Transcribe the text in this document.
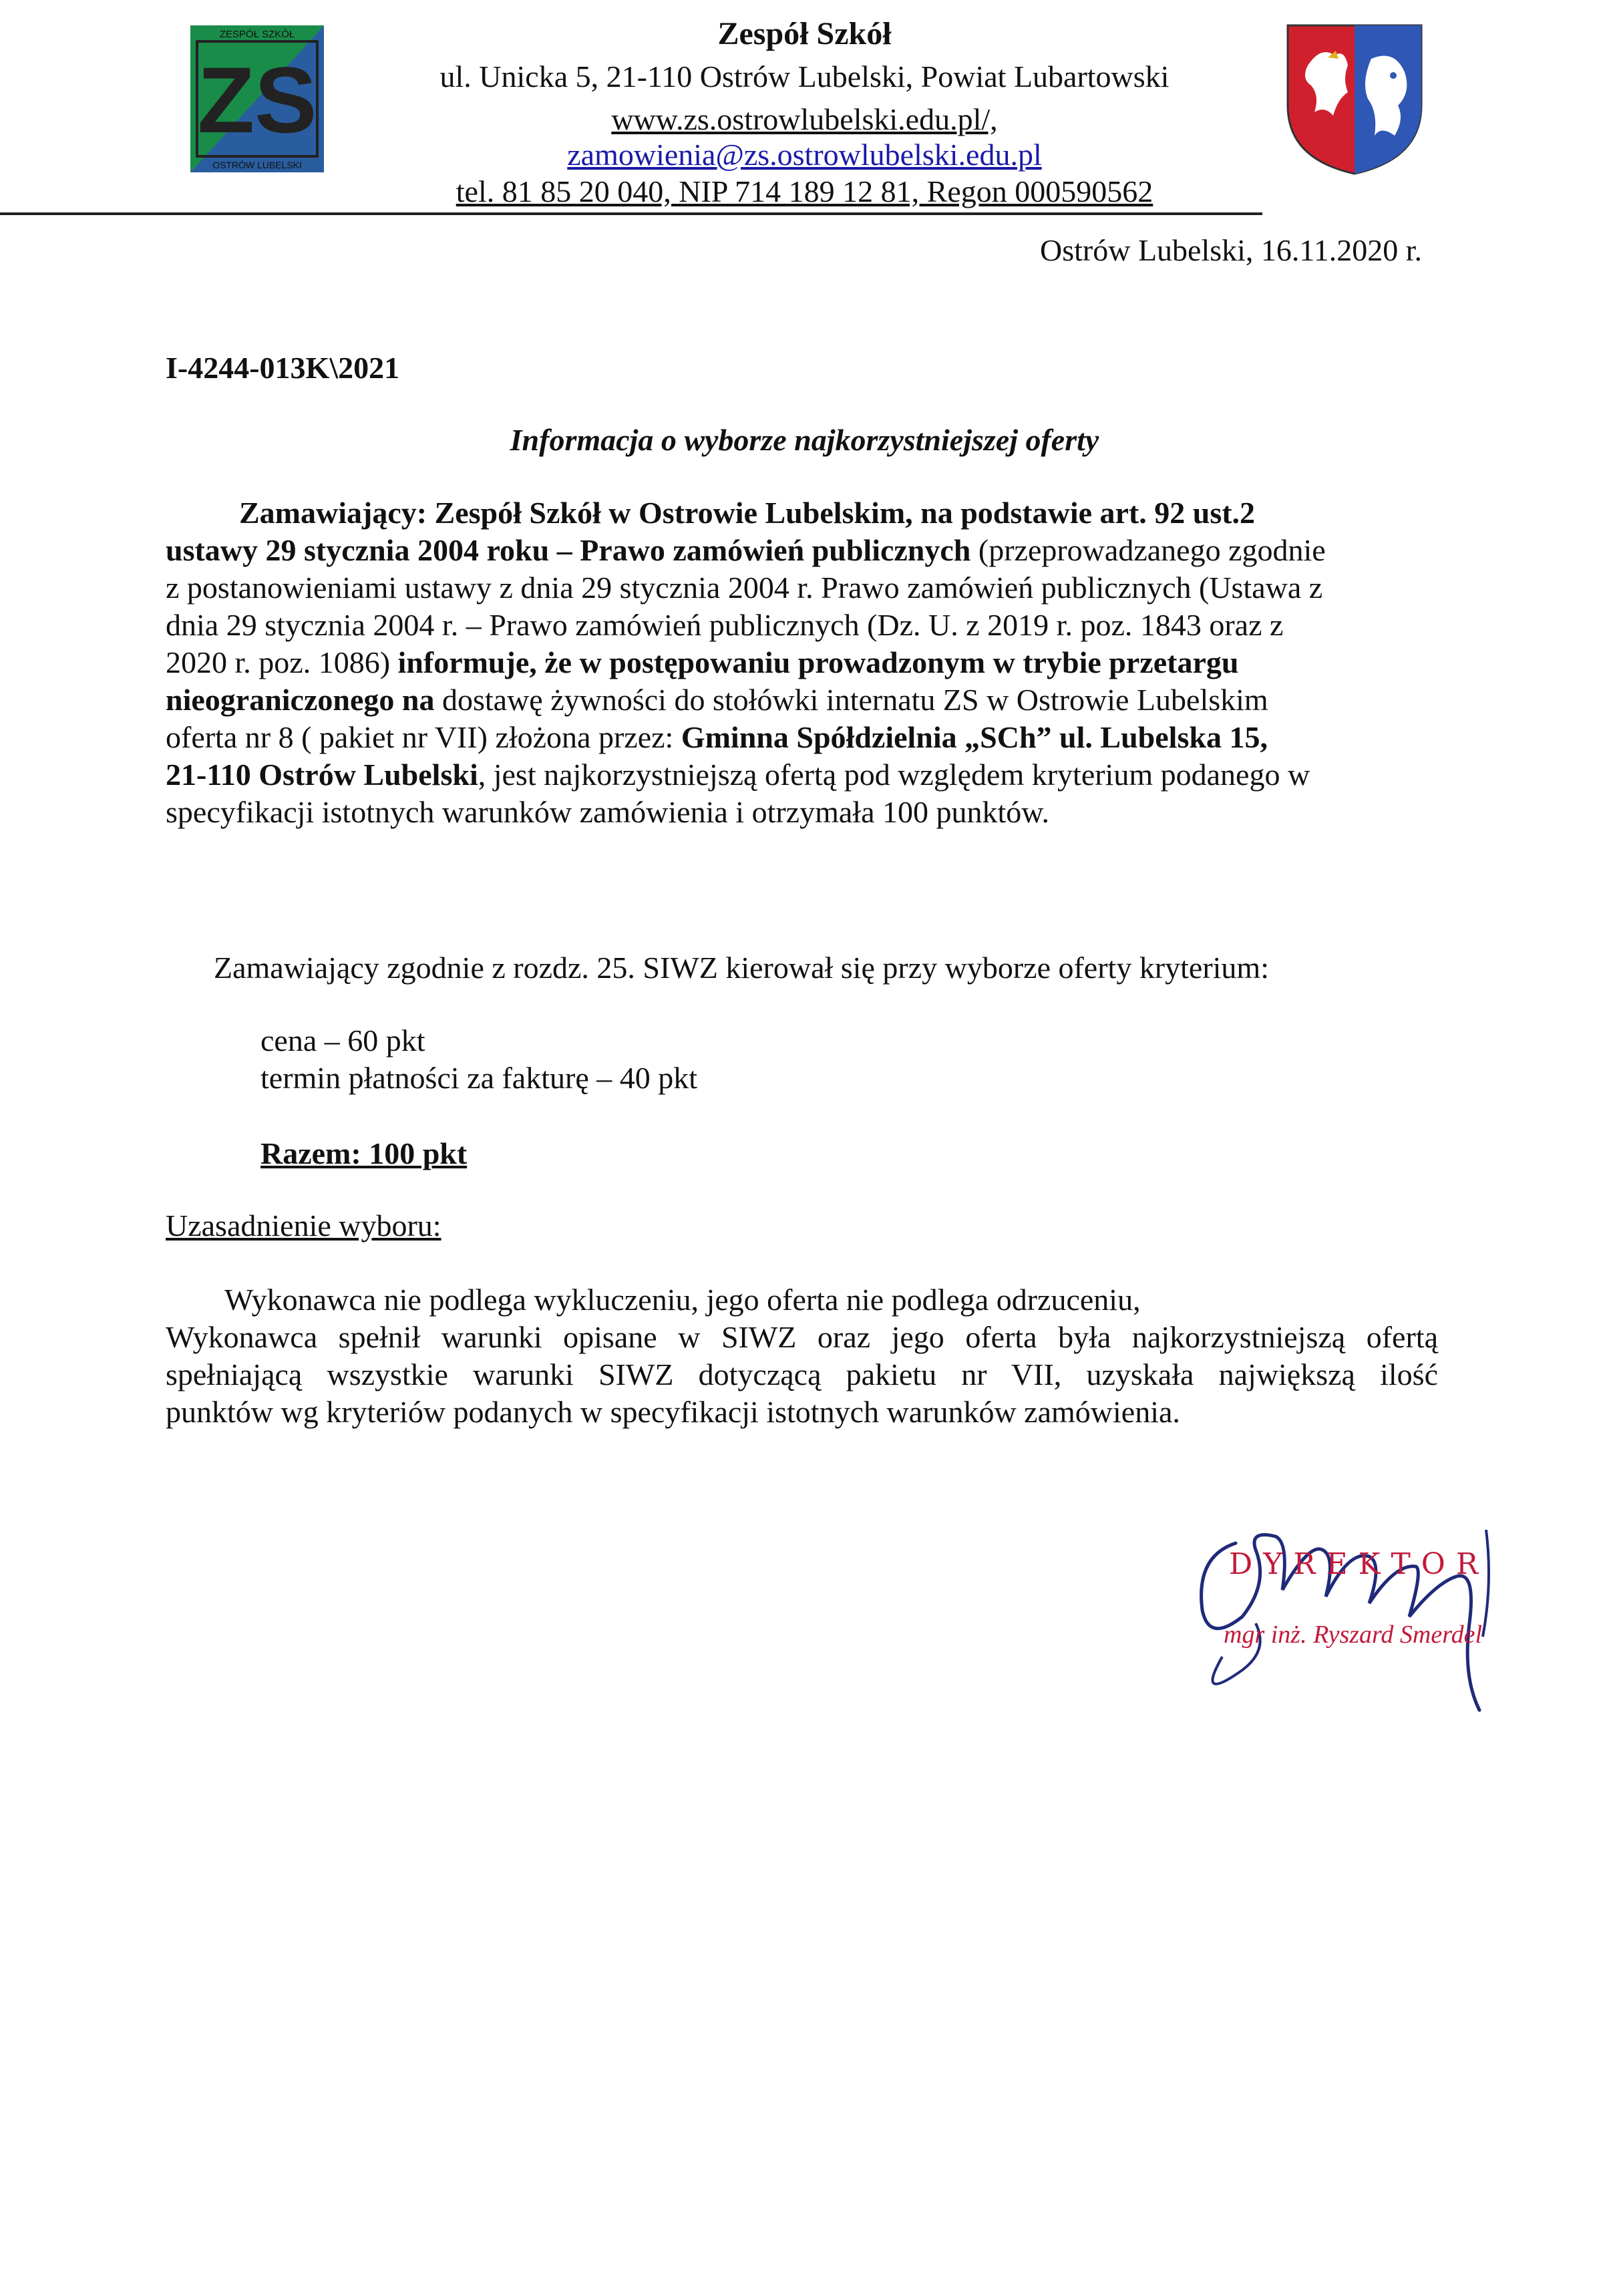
ZESPÓŁ SZKÓŁ
ZS
OSTRÓW LUBELSKI
Zespół Szkół
ul. Unicka 5, 21-110 Ostrów Lubelski, Powiat Lubartowski
www.zs.ostrowlubelski.edu.pl/,
zamowienia@zs.ostrowlubelski.edu.pl
tel. 81 85 20 040, NIP 714 189 12 81, Regon 000590562
Ostrów Lubelski, 16.11.2020 r.
I-4244-013K\2021
Informacja o wyborze najkorzystniejszej oferty
Zamawiający: Zespół Szkół w Ostrowie Lubelskim, na podstawie art. 92 ust.2
ustawy 29 stycznia 2004 roku – Prawo zamówień publicznych (przeprowadzanego zgodnie
z postanowieniami ustawy z dnia 29 stycznia 2004 r. Prawo zamówień publicznych (Ustawa z
dnia 29 stycznia 2004 r. – Prawo zamówień publicznych (Dz. U. z 2019 r. poz. 1843 oraz z
2020 r. poz. 1086) informuje, że w postępowaniu prowadzonym w trybie przetargu
nieograniczonego na dostawę żywności do stołówki internatu ZS w Ostrowie Lubelskim
oferta nr 8 ( pakiet nr VII) złożona przez: Gminna Spółdzielnia „SCh” ul. Lubelska 15,
21-110 Ostrów Lubelski, jest najkorzystniejszą ofertą pod względem kryterium podanego w
specyfikacji istotnych warunków zamówienia i otrzymała 100 punktów.
Zamawiający zgodnie z rozdz. 25. SIWZ kierował się przy wyborze oferty kryterium:
cena – 60 pkt
termin płatności za fakturę – 40 pkt
Razem: 100 pkt
Uzasadnienie wyboru:
Wykonawca nie podlega wykluczeniu, jego oferta nie podlega odrzuceniu,
Wykonawca spełnił warunki opisane w SIWZ oraz jego oferta była najkorzystniejszą ofertą
spełniającą wszystkie warunki SIWZ dotyczącą pakietu nr VII, uzyskała największą ilość
punktów wg kryteriów podanych w specyfikacji istotnych warunków zamówienia.
DYREKTOR
mgr inż. Ryszard Smerdel
